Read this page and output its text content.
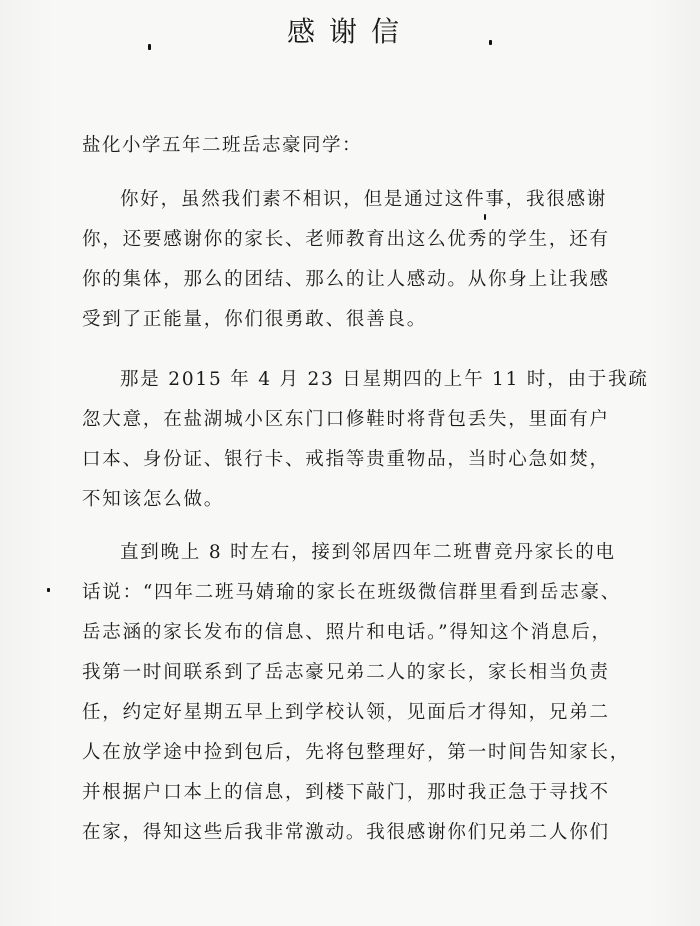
感谢信
盐化小学五年二班岳志豪同学：
你好，虽然我们素不相识，但是通过这件事，我很感谢
你，还要感谢你的家长、老师教育出这么优秀的学生，还有
你的集体，那么的团结、那么的让人感动。从你身上让我感
受到了正能量，你们很勇敢、很善良。
那是 2015 年 4 月 23 日星期四的上午 11 时，由于我疏
忽大意，在盐湖城小区东门口修鞋时将背包丢失，里面有户
口本、身份证、银行卡、戒指等贵重物品，当时心急如焚，
不知该怎么做。
直到晚上 8 时左右，接到邻居四年二班曹竞丹家长的电
话说：“四年二班马婧瑜的家长在班级微信群里看到岳志豪、
岳志涵的家长发布的信息、照片和电话。”得知这个消息后，
我第一时间联系到了岳志豪兄弟二人的家长，家长相当负责
任，约定好星期五早上到学校认领，见面后才得知，兄弟二
人在放学途中捡到包后，先将包整理好，第一时间告知家长，
并根据户口本上的信息，到楼下敲门，那时我正急于寻找不
在家，得知这些后我非常激动。我很感谢你们兄弟二人你们
